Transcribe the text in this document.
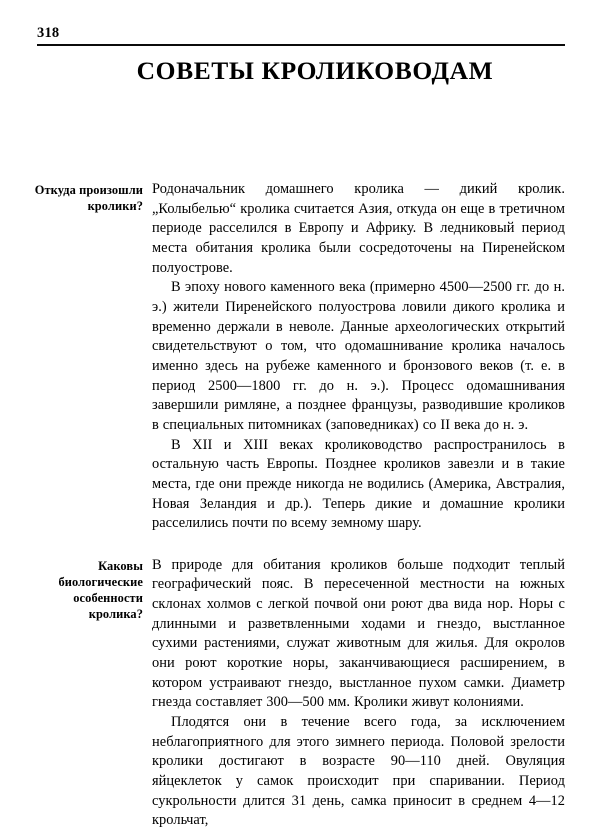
318
СОВЕТЫ КРОЛИКОВОДАМ
Откуда произошли кролики?

Родоначальник домашнего кролика — дикий кролик. „Колыбелью“ кролика считается Азия, откуда он еще в третичном периоде расселился в Европу и Африку. В ледниковый период места обитания кролика были сосредоточены на Пиренейском полуострове.

В эпоху нового каменного века (примерно 4500—2500 гг. до н. э.) жители Пиренейского полуострова ловили дикого кролика и временно держали в неволе. Данные археологических открытий свидетельствуют о том, что одомашнивание кролика началось именно здесь на рубеже каменного и бронзового веков (т. е. в период 2500—1800 гг. до н. э.). Процесс одомашнивания завершили римляне, а позднее французы, разводившие кроликов в специальных питомниках (заповедниках) со II века до н. э.

В XII и XIII веках кролиководство распространилось в остальную часть Европы. Позднее кроликов завезли и в такие места, где они прежде никогда не водились (Америка, Австралия, Новая Зеландия и др.). Теперь дикие и домашние кролики расселились почти по всему земному шару.

Каковы биологические особенности кролика?

В природе для обитания кроликов больше подходит теплый географический пояс. В пересеченной местности на южных склонах холмов с легкой почвой они роют два вида нор. Норы с длинными и разветвленными ходами и гнездо, выстланное сухими растениями, служат животным для жилья. Для окролов они роют короткие норы, заканчивающиеся расширением, в котором устраивают гнездо, выстланное пухом самки. Диаметр гнезда составляет 300—500 мм. Кролики живут колониями.

Плодятся они в течение всего года, за исключением неблагоприятного для этого зимнего периода. Половой зрелости кролики достигают в возрасте 90—110 дней. Овуляция яйцеклеток у самок происходит при спаривании. Период сукрольности длится 31 день, самка приносит в среднем 4—12 крольчат,
